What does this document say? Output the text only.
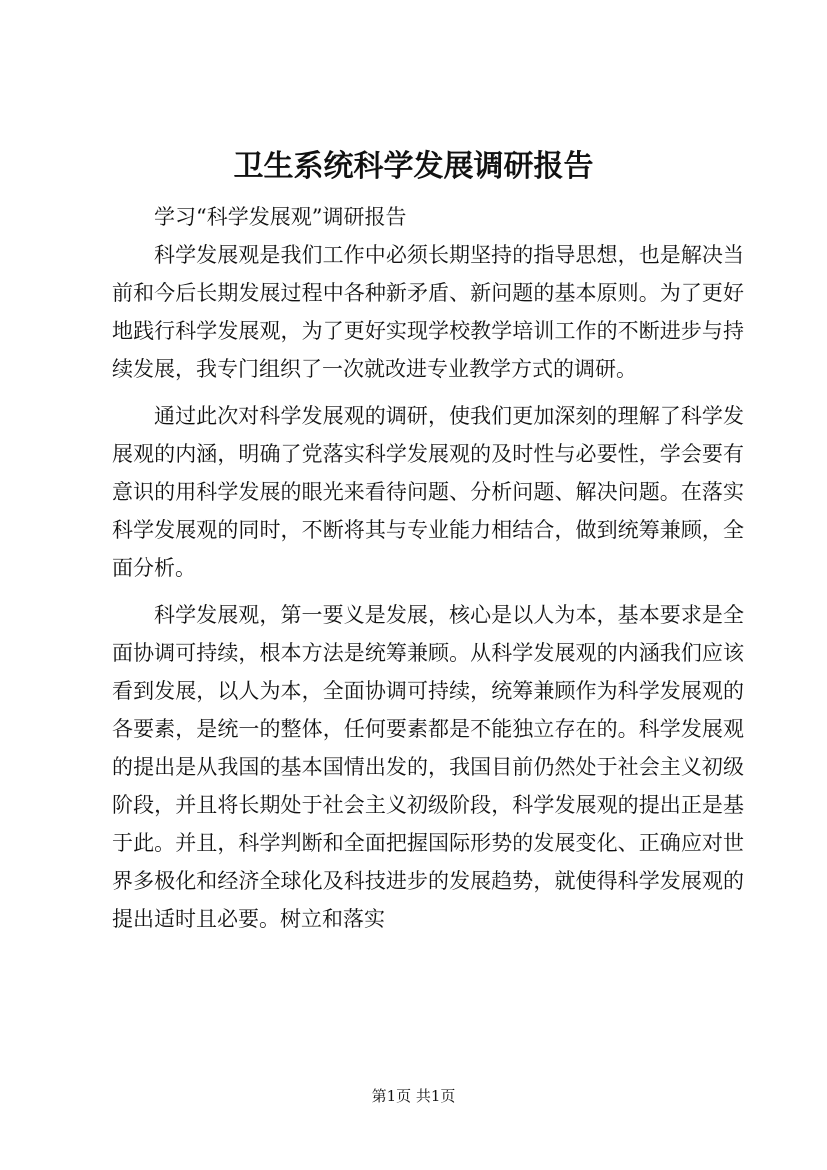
卫生系统科学发展调研报告

学习“科学发展观”调研报告

科学发展观是我们工作中必须长期坚持的指导思想，也是解决当前和今后长期发展过程中各种新矛盾、新问题的基本原则。为了更好地践行科学发展观，为了更好实现学校教学培训工作的不断进步与持续发展，我专门组织了一次就改进专业教学方式的调研。

通过此次对科学发展观的调研，使我们更加深刻的理解了科学发展观的内涵，明确了党落实科学发展观的及时性与必要性，学会要有意识的用科学发展的眼光来看待问题、分析问题、解决问题。在落实科学发展观的同时，不断将其与专业能力相结合，做到统筹兼顾，全面分析。

科学发展观，第一要义是发展，核心是以人为本，基本要求是全面协调可持续，根本方法是统筹兼顾。从科学发展观的内涵我们应该看到发展，以人为本，全面协调可持续，统筹兼顾作为科学发展观的各要素，是统一的整体，任何要素都是不能独立存在的。科学发展观的提出是从我国的基本国情出发的，我国目前仍然处于社会主义初级阶段，并且将长期处于社会主义初级阶段，科学发展观的提出正是基于此。并且，科学判断和全面把握国际形势的发展变化、正确应对世界多极化和经济全球化及科技进步的发展趋势，就使得科学发展观的提出适时且必要。树立和落实

第1页 共1页
